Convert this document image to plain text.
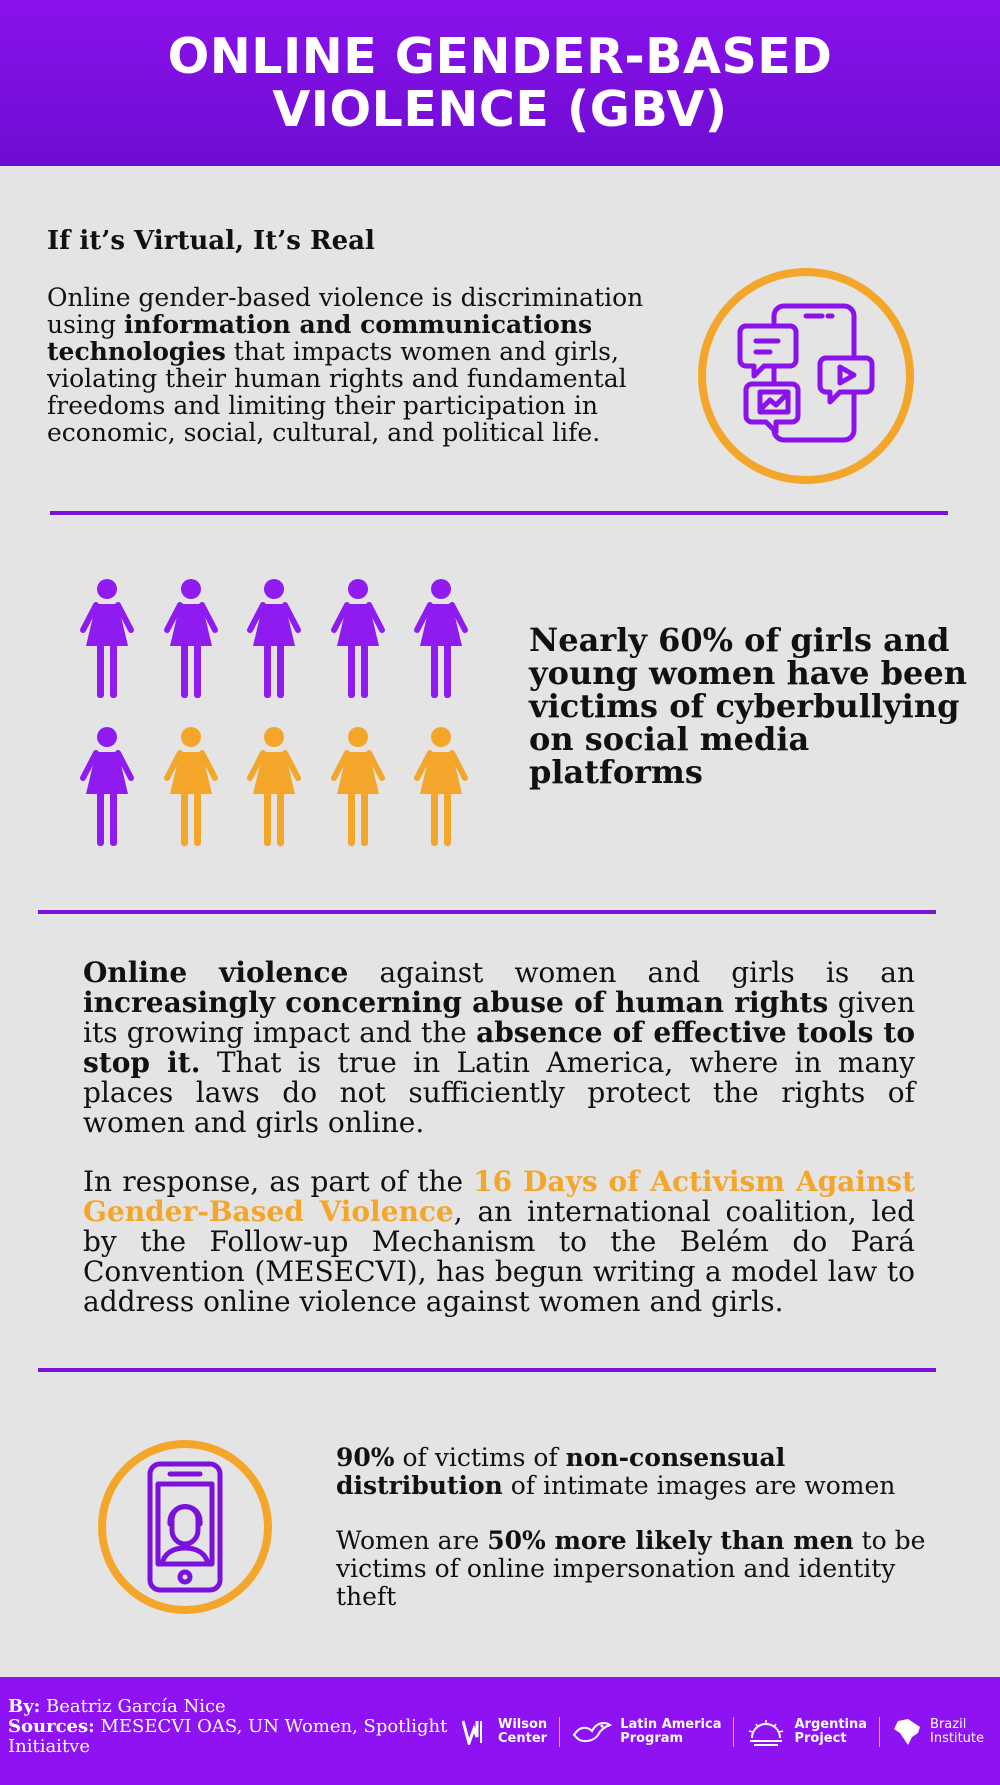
ONLINE GENDER-BASED
VIOLENCE (GBV)
If it’s Virtual, It’s Real

Online gender-based violence is discrimination using information and communications technologies that impacts women and girls, violating their human rights and fundamental freedoms and limiting their participation in economic, social, cultural, and political life.

Nearly 60% of girls and young women have been victims of cyberbullying on social media platforms

Online violence against women and girls is an increasingly concerning abuse of human rights given its growing impact and the absence of effective tools to stop it. That is true in Latin America, where in many places laws do not sufficiently protect the rights of women and girls online.

In response, as part of the 16 Days of Activism Against Gender-Based Violence, an international coalition, led by the Follow-up Mechanism to the Belém do Pará Convention (MESECVI), has begun writing a model law to address online violence against women and girls.

90% of victims of non-consensual distribution of intimate images are women

Women are 50% more likely than men to be victims of online impersonation and identity theft

By: Beatriz García Nice
Sources: MESECVI OAS, UN Women, Spotlight Initiaitve

Wilson
Center
Latin America
Program
Argentina
Project
Brazil
Institute
